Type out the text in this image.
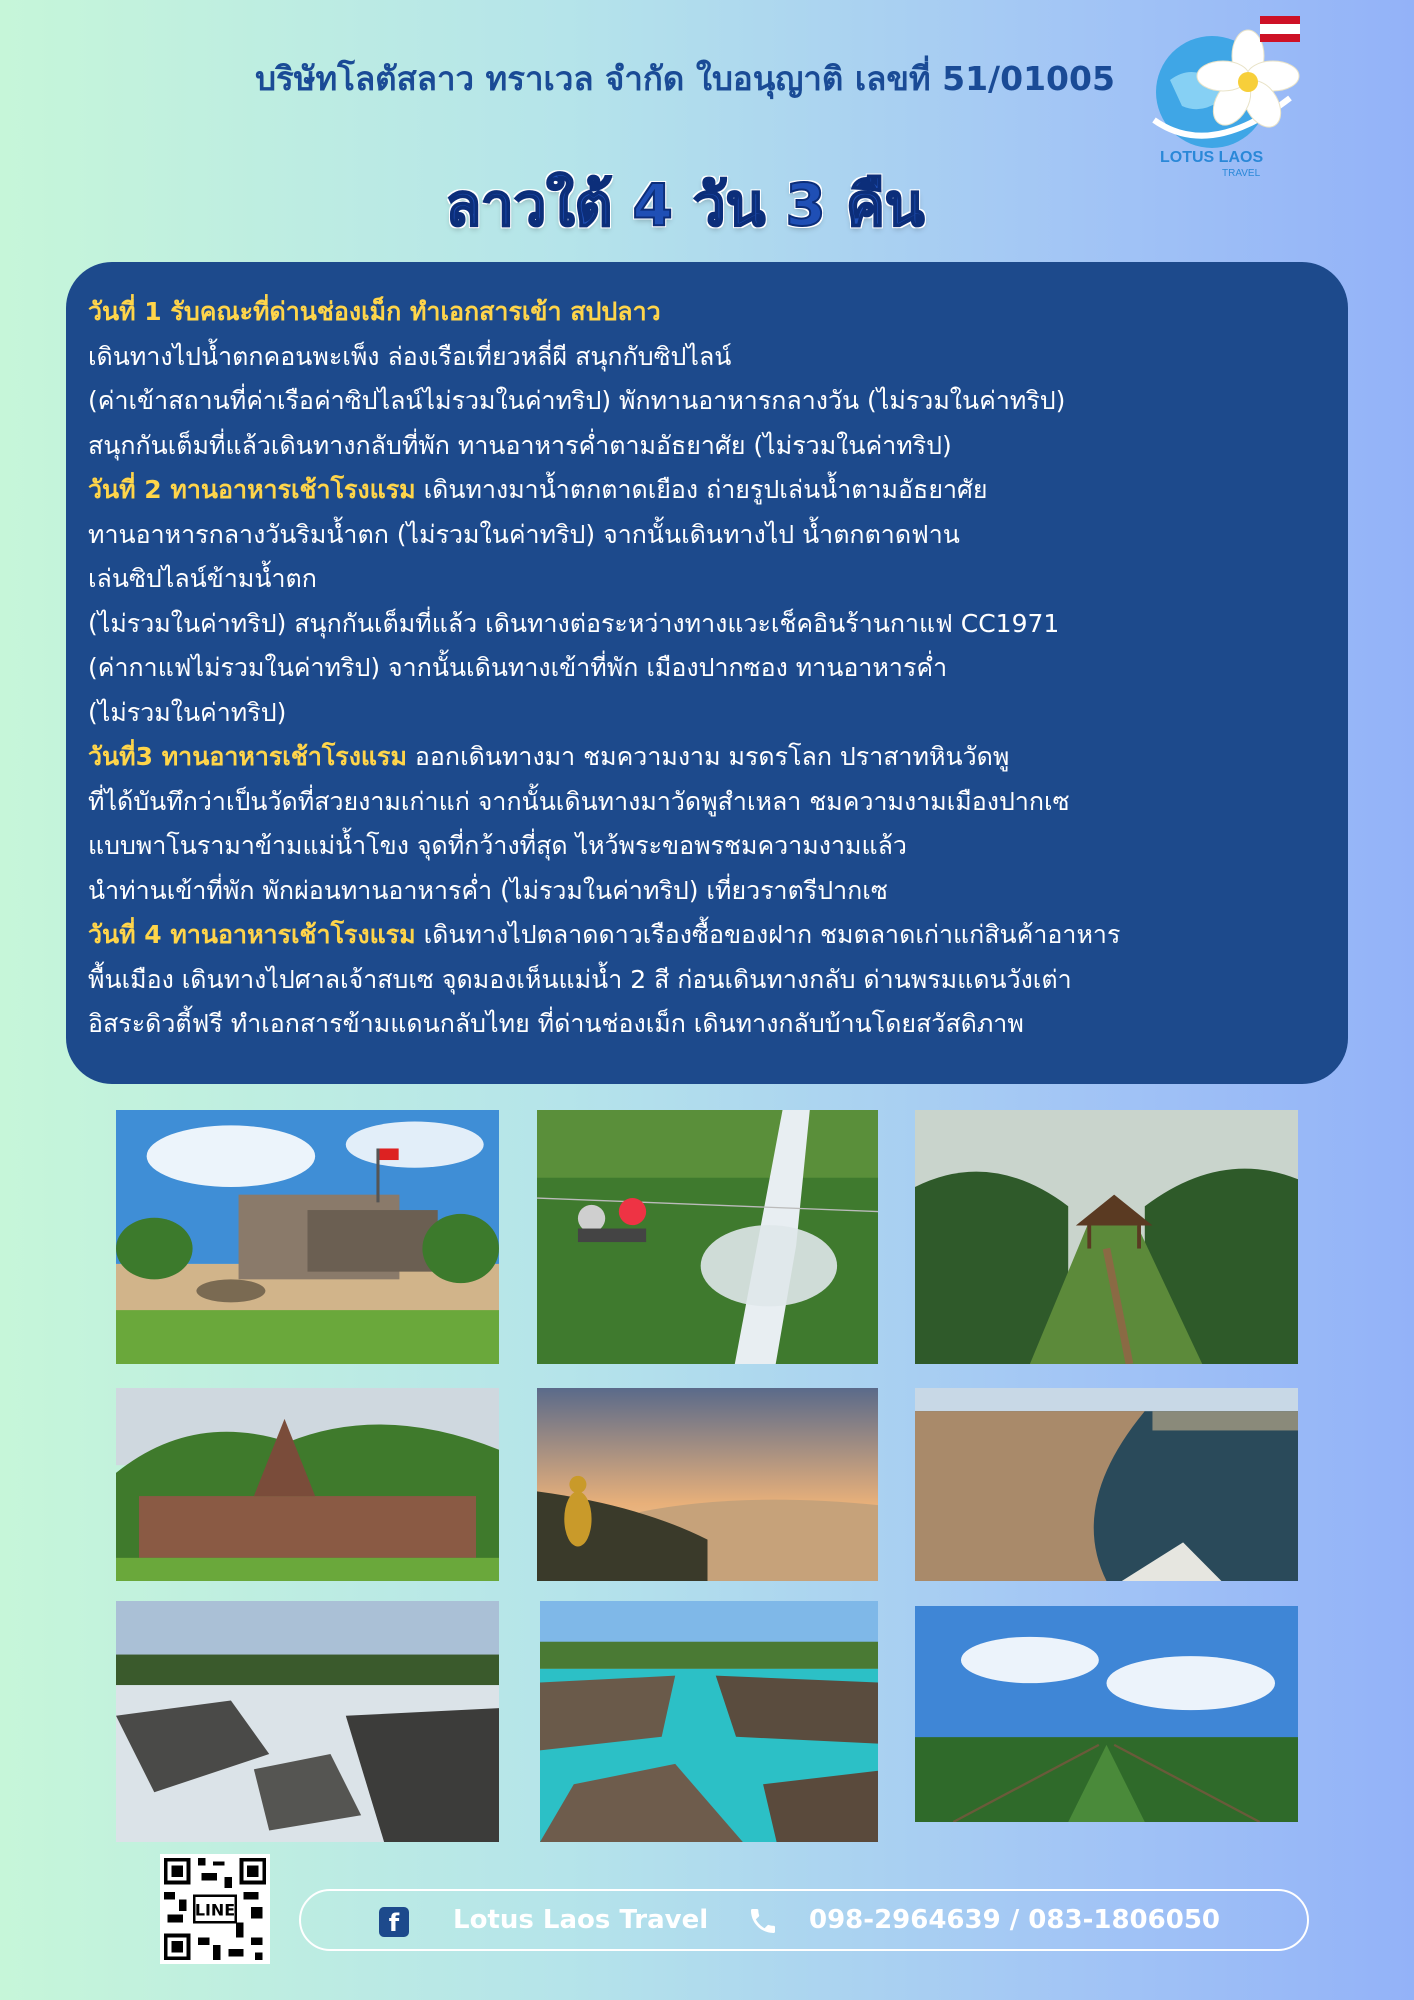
บริษัทโลตัสลาว ทราเวล จำกัด ใบอนุญาติ เลขที่ 51/01005
LOTUS LAOS
TRAVEL
ลาวใต้ 4 วัน 3 คืน
วันที่ 1 รับคณะที่ด่านช่องเม็ก ทำเอกสารเข้า สปปลาว
เดินทางไปน้ำตกคอนพะเพ็ง ล่องเรือเที่ยวหลี่ผี สนุกกับซิปไลน์
(ค่าเข้าสถานที่ค่าเรือค่าซิปไลน์ไม่รวมในค่าทริป) พักทานอาหารกลางวัน (ไม่รวมในค่าทริป)
สนุกกันเต็มที่แล้วเดินทางกลับที่พัก ทานอาหารค่ำตามอัธยาศัย (ไม่รวมในค่าทริป)
วันที่ 2 ทานอาหารเช้าโรงแรม เดินทางมาน้ำตกตาดเยือง ถ่ายรูปเล่นน้ำตามอัธยาศัย
ทานอาหารกลางวันริมน้ำตก (ไม่รวมในค่าทริป) จากนั้นเดินทางไป น้ำตกตาดฟาน
เล่นซิปไลน์ข้ามน้ำตก
(ไม่รวมในค่าทริป) สนุกกันเต็มที่แล้ว เดินทางต่อระหว่างทางแวะเช็คอินร้านกาแฟ CC1971
(ค่ากาแฟไม่รวมในค่าทริป) จากนั้นเดินทางเข้าที่พัก เมืองปากซอง ทานอาหารค่ำ
(ไม่รวมในค่าทริป)
วันที่3 ทานอาหารเช้าโรงแรม ออกเดินทางมา ชมความงาม มรดรโลก ปราสาทหินวัดพู
ที่ได้บันทึกว่าเป็นวัดที่สวยงามเก่าแก่ จากนั้นเดินทางมาวัดพูสำเหลา ชมความงามเมืองปากเซ
แบบพาโนรามาข้ามแม่น้ำโขง จุดที่กว้างที่สุด ไหว้พระขอพรชมความงามแล้ว
นำท่านเข้าที่พัก พักผ่อนทานอาหารค่ำ (ไม่รวมในค่าทริป) เที่ยวราตรีปากเซ
วันที่ 4 ทานอาหารเช้าโรงแรม เดินทางไปตลาดดาวเรืองซื้อของฝาก ชมตลาดเก่าแก่สินค้าอาหาร
พื้นเมือง เดินทางไปศาลเจ้าสบเซ จุดมองเห็นแม่น้ำ 2 สี ก่อนเดินทางกลับ ด่านพรมแดนวังเต่า
อิสระดิวตี้ฟรี ทำเอกสารข้ามแดนกลับไทย ที่ด่านช่องเม็ก เดินทางกลับบ้านโดยสวัสดิภาพ
LINE	f	Lotus Laos Travel	098-2964639 / 083-1806050
